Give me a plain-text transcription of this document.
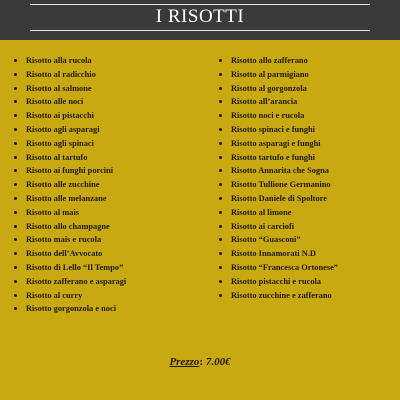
I RISOTTI
Risotto alla rucola
Risotto al radicchio
Risotto al salmone
Risotto alle noci
Risotto ai pistacchi
Risotto agli asparagi
Risotto agli spinaci
Risotto al tartufo
Risotto ai funghi porcini
Risotto alle zucchine
Risotto alle melanzane
Risotto al mais
Risotto allo champagne
Risotto mais e rucola
Risotto dell’Avvocato
Risotto di Lello “Il Tempo”
Risotto zafferano e asparagi
Risotto al curry
Risotto gorgonzola e noci
Risotto allo zafferano
Risotto al parmigiano
Risotto al gorgonzola
Risotto all’arancia
Risotto noci e rucola
Risotto spinaci e funghi
Risotto asparagi e funghi
Risotto tartufo e funghi
Risotto Annarita che Sogna
Risotto Tullione Germanino
Risotto Daniele di Spoltore
Risotto al limone
Risotto ai carciofi
Risotto “Guasconi”
Risotto Innamorati N.D
Risotto “Francesca Ortonese”
Risotto pistacchi e rucola
Risotto zucchine e zafferano
Prezzo: 7.00€
